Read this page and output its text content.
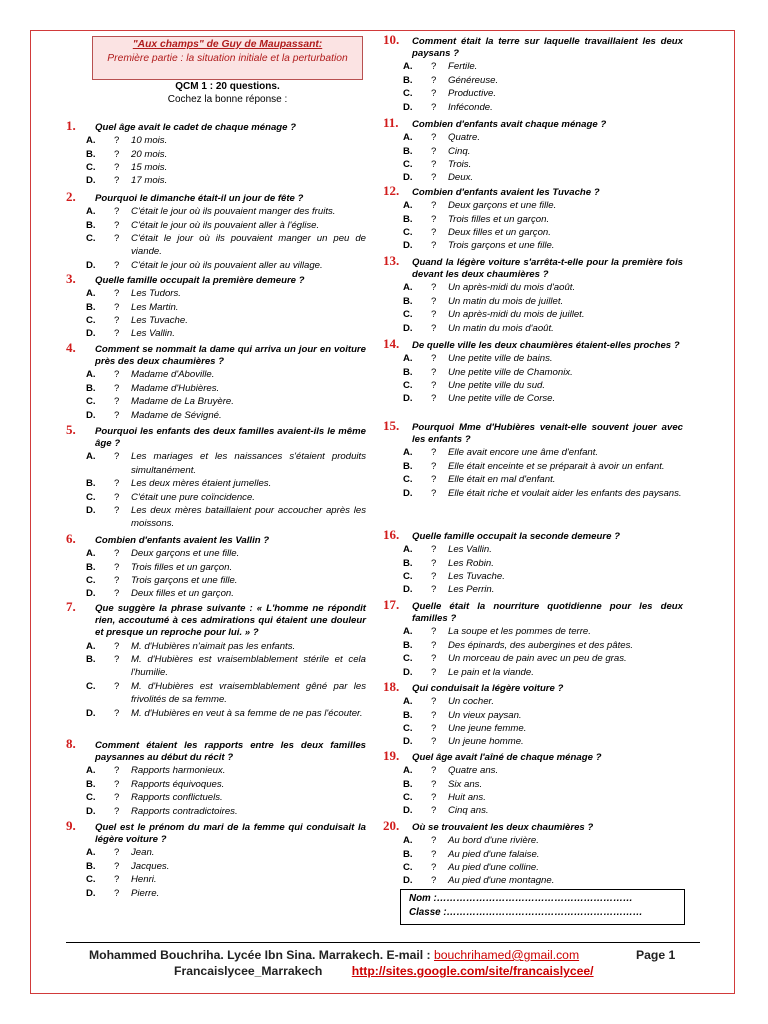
"Aux champs" de Guy de Maupassant:
Première partie : la situation initiale et la perturbation
QCM 1 : 20 questions.
Cochez la bonne réponse :
1. Quel âge avait le cadet de chaque ménage ?
A. ? 10 mois.
B. ? 20 mois.
C. ? 15 mois.
D. ? 17 mois.
2. Pourquoi le dimanche était-il un jour de fête ?
A. ? C'était le jour où ils pouvaient manger des fruits.
B. ? C'était le jour où ils pouvaient aller à l'église.
C. ? C'était le jour où ils pouvaient manger un peu de viande.
D. ? C'était le jour où ils pouvaient aller au village.
3. Quelle famille occupait la première demeure ?
A. ? Les Tudors.
B. ? Les Martin.
C. ? Les Tuvache.
D. ? Les Vallin.
4. Comment se nommait la dame qui arriva un jour en voiture près des deux chaumières ?
A. ? Madame d'Aboville.
B. ? Madame d'Hubières.
C. ? Madame de La Bruyère.
D. ? Madame de Sévigné.
5. Pourquoi les enfants des deux familles avaient-ils le même âge ?
A. ? Les mariages et les naissances s'étaient produits simultanément.
B. ? Les deux mères étaient jumelles.
C. ? C'était une pure coïncidence.
D. ? Les deux mères bataillaient pour accoucher après les moissons.
6. Combien d'enfants avaient les Vallin ?
A. ? Deux garçons et une fille.
B. ? Trois filles et un garçon.
C. ? Trois garçons et une fille.
D. ? Deux filles et un garçon.
7. Que suggère la phrase suivante : « L'homme ne répondit rien, accoutumé à ces admirations qui étaient une douleur et presque un reproche pour lui. » ?
A. ? M. d'Hubières n'aimait pas les enfants.
B. ? M. d'Hubières est vraisemblablement stérile et cela l'humilie.
C. ? M. d'Hubières est vraisemblablement gêné par les frivolités de sa femme.
D. ? M. d'Hubières en veut à sa femme de ne pas l'écouter.
8. Comment étaient les rapports entre les deux familles paysannes au début du récit ?
A. ? Rapports harmonieux.
B. ? Rapports équivoques.
C. ? Rapports conflictuels.
D. ? Rapports contradictoires.
9. Quel est le prénom du mari de la femme qui conduisait la légère voiture ?
A. ? Jean.
B. ? Jacques.
C. ? Henri.
D. ? Pierre.
10. Comment était la terre sur laquelle travaillaient les deux paysans ?
A. ? Fertile.
B. ? Généreuse.
C. ? Productive.
D. ? Inféconde.
11. Combien d'enfants avait chaque ménage ?
A. ? Quatre.
B. ? Cinq.
C. ? Trois.
D. ? Deux.
12. Combien d'enfants avaient les Tuvache ?
A. ? Deux garçons et une fille.
B. ? Trois filles et un garçon.
C. ? Deux filles et un garçon.
D. ? Trois garçons et une fille.
13. Quand la légère voiture s'arrêta-t-elle pour la première fois devant les deux chaumières ?
A. ? Un après-midi du mois d'août.
B. ? Un matin du mois de juillet.
C. ? Un après-midi du mois de juillet.
D. ? Un matin du mois d'août.
14. De quelle ville les deux chaumières étaient-elles proches ?
A. ? Une petite ville de bains.
B. ? Une petite ville de Chamonix.
C. ? Une petite ville du sud.
D. ? Une petite ville de Corse.
15. Pourquoi Mme d'Hubières venait-elle souvent jouer avec les enfants ?
A. ? Elle avait encore une âme d'enfant.
B. ? Elle était enceinte et se préparait à avoir un enfant.
C. ? Elle était en mal d'enfant.
D. ? Elle était riche et voulait aider les enfants des paysans.
16. Quelle famille occupait la seconde demeure ?
A. ? Les Vallin.
B. ? Les Robin.
C. ? Les Tuvache.
D. ? Les Perrin.
17. Quelle était la nourriture quotidienne pour les deux familles ?
A. ? La soupe et les pommes de terre.
B. ? Des épinards, des aubergines et des pâtes.
C. ? Un morceau de pain avec un peu de gras.
D. ? Le pain et la viande.
18. Qui conduisait la légère voiture ?
A. ? Un cocher.
B. ? Un vieux paysan.
C. ? Une jeune femme.
D. ? Un jeune homme.
19. Quel âge avait l'aîné de chaque ménage ?
A. ? Quatre ans.
B. ? Six ans.
C. ? Huit ans.
D. ? Cinq ans.
20. Où se trouvaient les deux chaumières ?
A. ? Au bord d'une rivière.
B. ? Au pied d'une falaise.
C. ? Au pied d'une colline.
D. ? Au pied d'une montagne.
Nom :……………………………………………………
Classe :……………………………………………………
Mohammed Bouchriha. Lycée Ibn Sina. Marrakech. E-mail : bouchrihamed@gmail.com	Page 1
Francaislycee_Marrakech http://sites.google.com/site/francaislycee/
